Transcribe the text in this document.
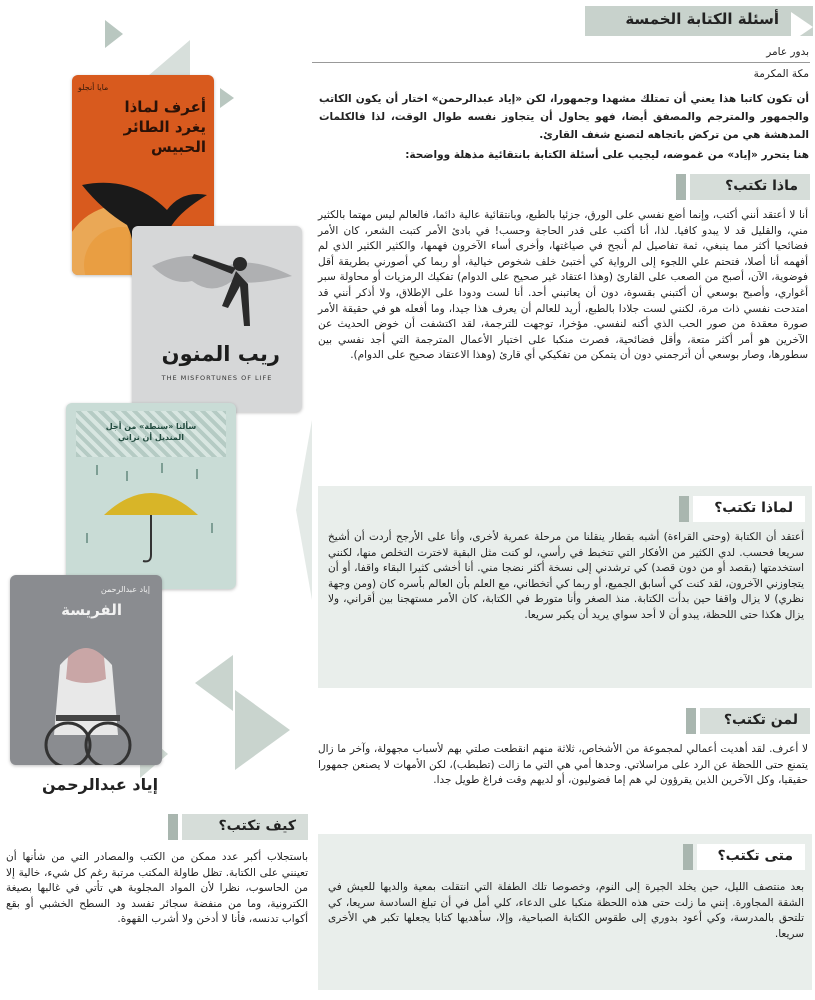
أسئلة الكتابة الخمسة
بدور عامر
مكة المكرمة
أن تكون كاتبا هذا يعني أن تمتلك مشهدا وجمهورا، لكن «إياد عبدالرحمن» اختار أن يكون الكاتب والجمهور والمترجم والمصفق أيضا، فهو يحاول أن يتجاوز نفسه طوال الوقت، لذا فالكلمات المدهشة هي من تركض باتجاهه لتصنع شغف القارئ.
هنا يتحرر «إياد» من غموضه، ليجيب على أسئلة الكتابة بانتقائية مذهلة وواضحة:
ماذا تكتب؟
أنا لا أعتقد أنني أكتب، وإنما أضع نفسي على الورق، جزئيا بالطبع، وبانتقائية عالية دائما، فالعالم ليس مهتما بالكثير مني، والقليل قد لا يبدو كافيا. لذا، أنا أكتب على قدر الحاجة وحسب! في بادئ الأمر كتبت الشعر، كان الأمر فضائحيا أكثر مما ينبغي، ثمة تفاصيل لم أنجح في صياغتها، وأخرى أساء الآخرون فهمها، والكثير الكثير الذي لم أفهمه أنا أصلا، فتحتم علي اللجوء إلى الرواية كي أختبئ خلف شخوص خيالية، أو ربما كي أصورني بطريقة أقل فوضوية، الآن، أصبح من الصعب على القارئ (وهذا اعتقاد غير صحيح على الدوام) تفكيك الرمزيات أو محاولة سبر أغواري، وأصبح بوسعي أن أكتبني بقسوة، دون أن يعاتبني أحد. أنا لست ودودا على الإطلاق، ولا أذكر أنني قد امتدحت نفسي ذات مرة، لكنني لست جلادا بالطبع، أريد للعالم أن يعرف هذا جيدا، وما أفعله هو في حقيقة الأمر صورة معقدة من صور الحب الذي أكنه لنفسي. مؤخرا، توجهت للترجمة، لقد اكتشفت أن خوض الحديث عن الآخرين هو أمر أكثر متعة، وأقل فضائحية، فصرت منكبا على اختيار الأعمال المترجمة التي أجد نفسي بين سطورها، وصار بوسعي أن أترجمني دون أن يتمكن من تفكيكي أي قارئ (وهذا الاعتقاد صحيح على الدوام).
لماذا تكتب؟
أعتقد أن الكتابة (وحتى القراءة) أشبه بقطار ينقلنا من مرحلة عمرية لأخرى، وأنا على الأرجح أردت أن أشيخ سريعا فحسب. لدي الكثير من الأفكار التي تتخبط في رأسي، لو كنت مثل البقية لاخترت التخلص منها، لكنني استخدمتها (بقصد أو من دون قصد) كي ترشدني إلى نسخة أكثر نضجا مني. أنا أخشى كثيرا البقاء واقفا، أو أن يتجاوزني الآخرون، لقد كنت كي أسابق الجميع، أو ربما كي أتخطاني، مع العلم بأن العالم بأسره كان (ومن وجهة نظري) لا يزال واقفا حين بدأت الكتابة. منذ الصغر وأنا متورط في الكتابة، كان الأمر مستهجنا بين أقراني، ولا يزال هكذا حتى اللحظة، يبدو أن لا أحد سواي يريد أن يكبر سريعا.
لمن تكتب؟
لا أعرف. لقد أهديت أعمالي لمجموعة من الأشخاص، ثلاثة منهم انقطعت صلتي بهم لأسباب مجهولة، وآخر ما زال يتمنع حتى اللحظة عن الرد على مراسلاتي. وحدها أمي هي التي ما زالت (تطبطب)، لكن الأمهات لا يصنعن جمهورا حقيقيا، وكل الآخرين الذين يقرؤون لي هم إما فضوليون، أو لديهم وقت فراغ طويل جدا.
متى تكتب؟
بعد منتصف الليل، حين يخلد الجيرة إلى النوم، وخصوصا تلك الطفلة التي انتقلت بمعية والديها للعيش في الشقة المجاورة. إنني ما زلت حتى هذه اللحظة منكبا على الدعاء، كلي أمل في أن تبلغ السادسة سريعا، كي تلتحق بالمدرسة، وكي أعود بدوري إلى طقوس الكتابة الصباحية، وإلا، سأهديها كتابا يجعلها تكبر هي الأخرى سريعا.
كيف تكتب؟
باستجلاب أكبر عدد ممكن من الكتب والمصادر التي من شأنها أن تعينني على الكتابة. تظل طاولة المكتب مرتبة رغم كل شيء، خالية إلا من الحاسوب، نظرا لأن المواد المجلوبة هي تأتي في غالبها بصيغة الكترونية، وما من منفضة سجائر تفسد ود السطح الخشبي أو بقع أكواب تدنسه، فأنا لا أدخن ولا أشرب القهوة.
مايا أنجلو
أعرف لماذا يغرد الطائر الحبيس
ريب المنون
THE MISFORTUNES OF LIFE
سألنا «سنطة» من أجل المنديل أن نراني
إياد عبدالرحمن
الفريسة
إياد عبدالرحمن
